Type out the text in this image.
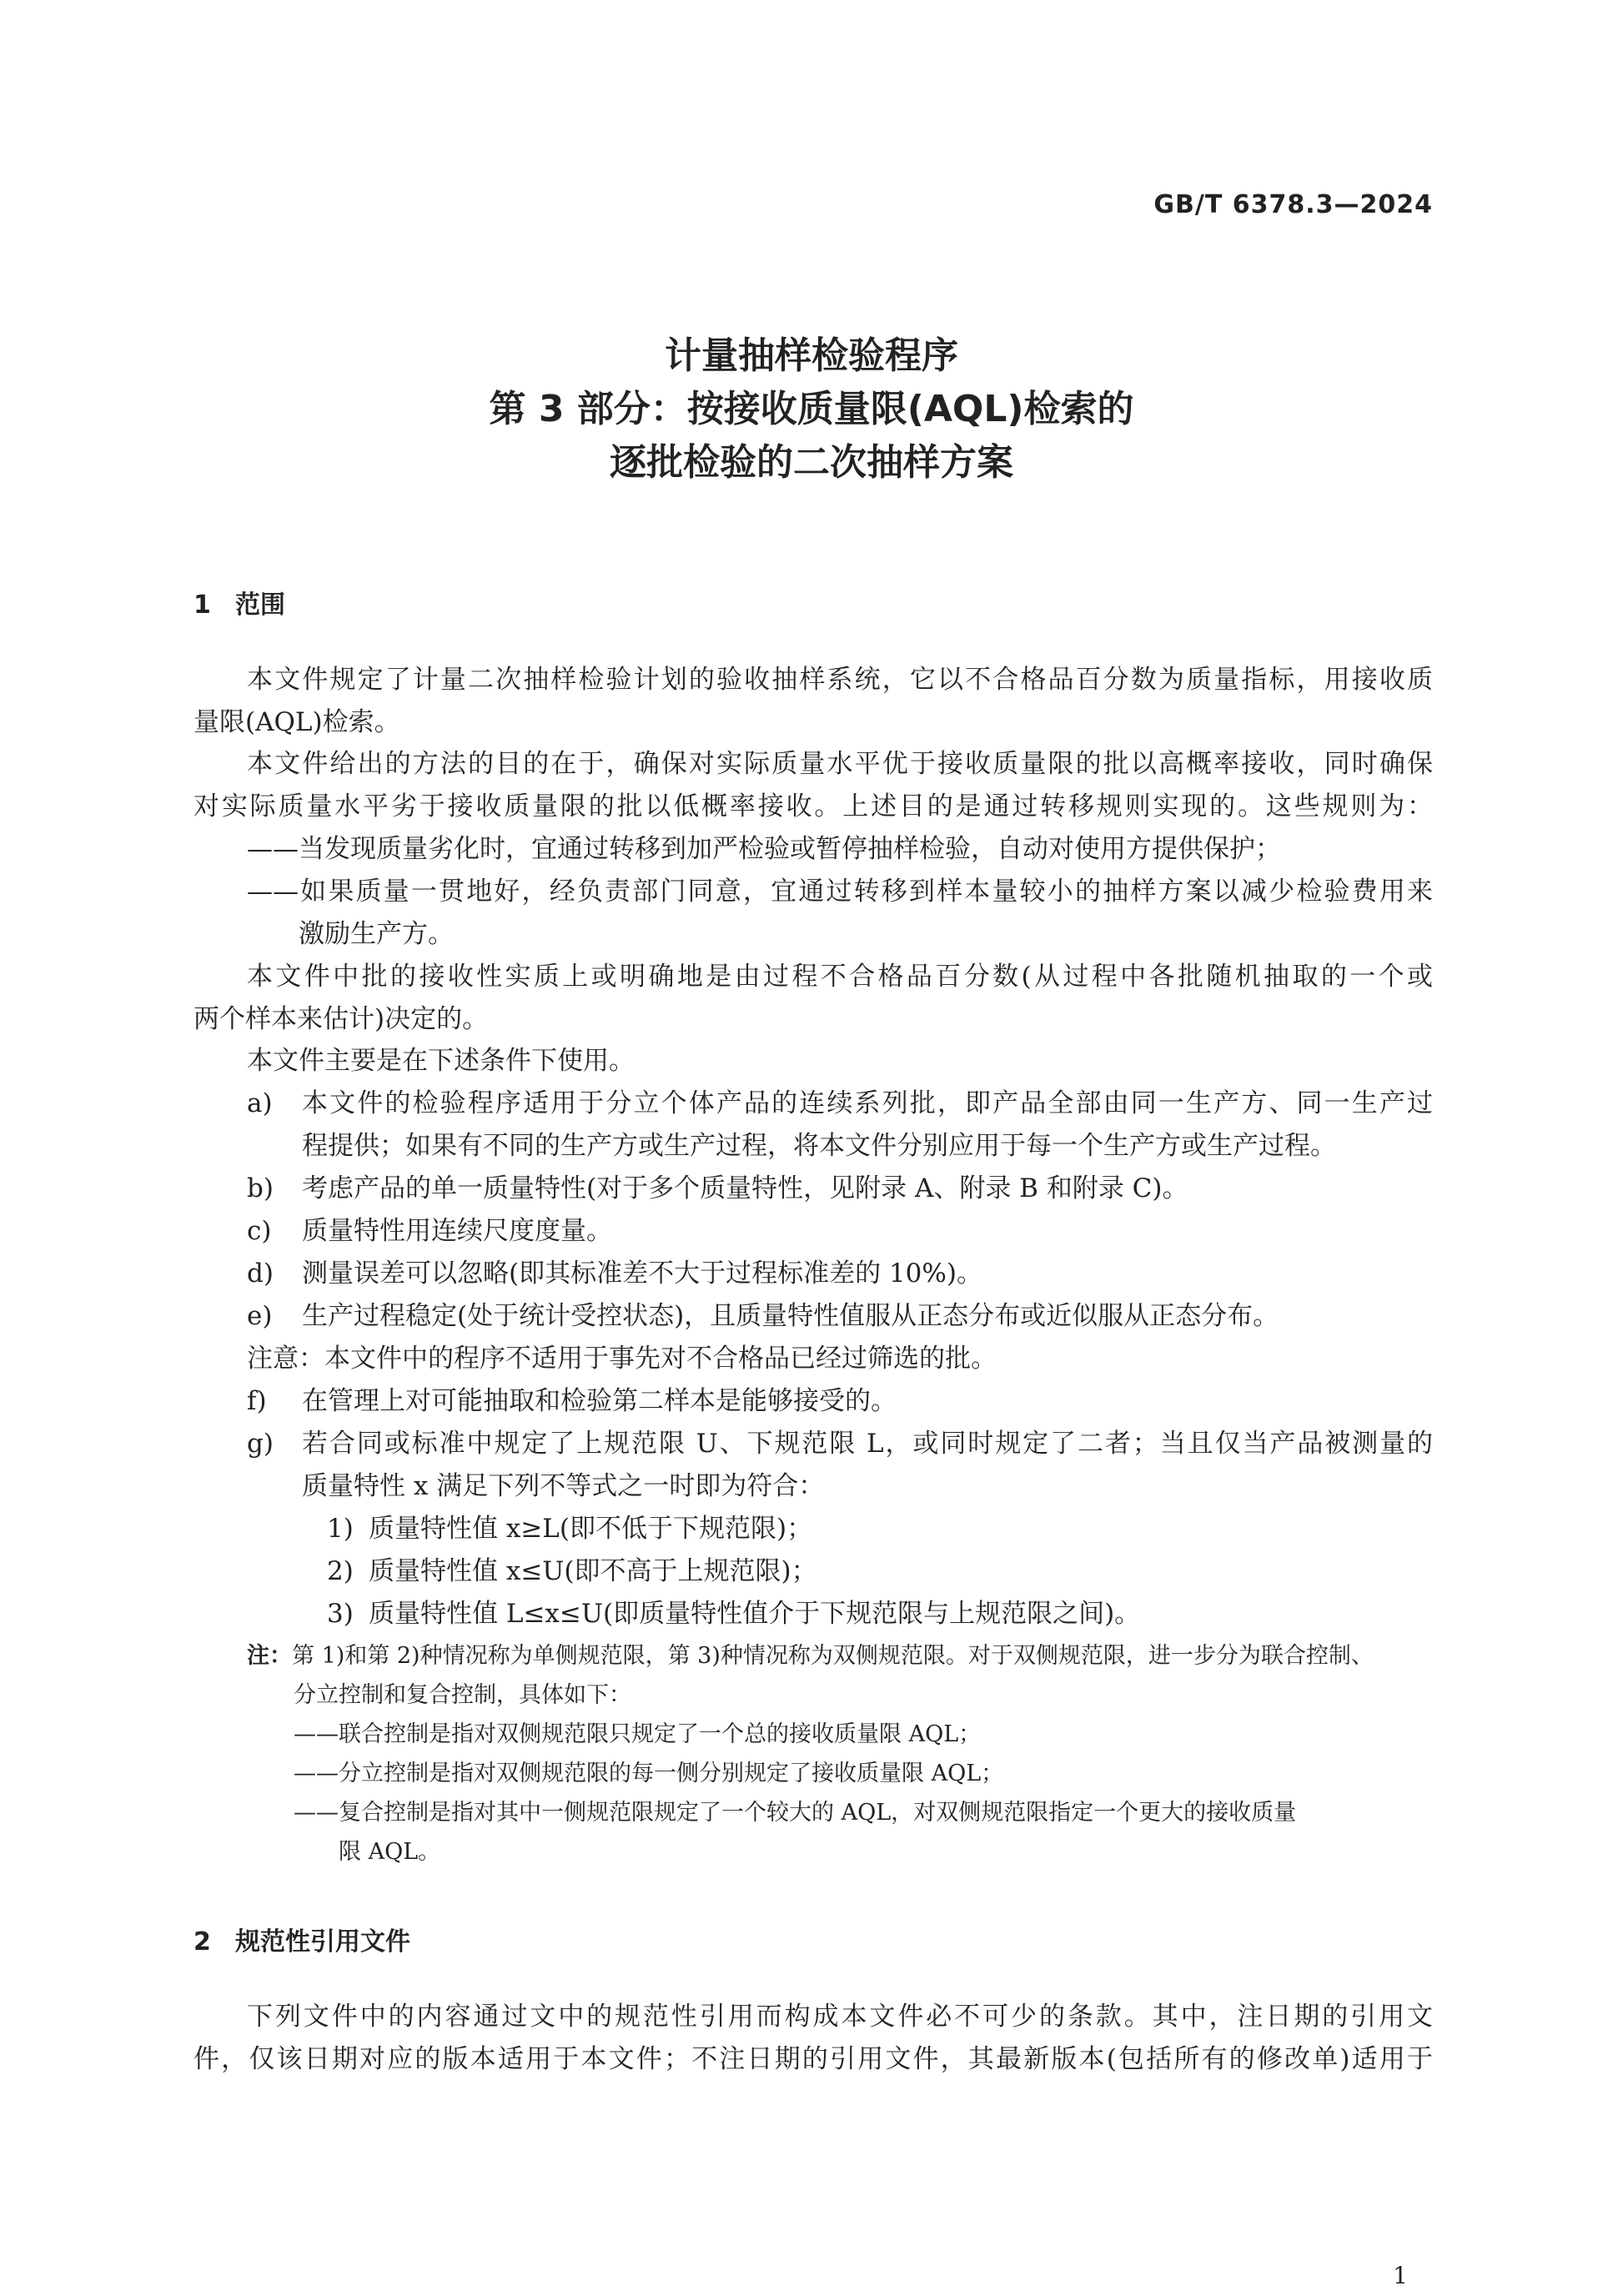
GB/T 6378.3—2024
计量抽样检验程序
第 3 部分：按接收质量限(AQL)检索的
逐批检验的二次抽样方案
1 范围
本文件规定了计量二次抽样检验计划的验收抽样系统，它以不合格品百分数为质量指标，用接收质
量限(AQL)检索。
本文件给出的方法的目的在于，确保对实际质量水平优于接收质量限的批以高概率接收，同时确保
对实际质量水平劣于接收质量限的批以低概率接收。上述目的是通过转移规则实现的。这些规则为：
——当发现质量劣化时，宜通过转移到加严检验或暂停抽样检验，自动对使用方提供保护；
——如果质量一贯地好，经负责部门同意，宜通过转移到样本量较小的抽样方案以减少检验费用来
激励生产方。
本文件中批的接收性实质上或明确地是由过程不合格品百分数(从过程中各批随机抽取的一个或
两个样本来估计)决定的。
本文件主要是在下述条件下使用。
a) 本文件的检验程序适用于分立个体产品的连续系列批，即产品全部由同一生产方、同一生产过
程提供；如果有不同的生产方或生产过程，将本文件分别应用于每一个生产方或生产过程。
b) 考虑产品的单一质量特性(对于多个质量特性，见附录 A、附录 B 和附录 C)。
c) 质量特性用连续尺度度量。
d) 测量误差可以忽略(即其标准差不大于过程标准差的 10%)。
e) 生产过程稳定(处于统计受控状态)，且质量特性值服从正态分布或近似服从正态分布。
注意：本文件中的程序不适用于事先对不合格品已经过筛选的批。
f) 在管理上对可能抽取和检验第二样本是能够接受的。
g) 若合同或标准中规定了上规范限 U、下规范限 L，或同时规定了二者；当且仅当产品被测量的
质量特性 x 满足下列不等式之一时即为符合：
1) 质量特性值 x≥L(即不低于下规范限)；
2) 质量特性值 x≤U(即不高于上规范限)；
3) 质量特性值 L≤x≤U(即质量特性值介于下规范限与上规范限之间)。
注：第 1)和第 2)种情况称为单侧规范限，第 3)种情况称为双侧规范限。对于双侧规范限，进一步分为联合控制、
分立控制和复合控制，具体如下：
——联合控制是指对双侧规范限只规定了一个总的接收质量限 AQL；
——分立控制是指对双侧规范限的每一侧分别规定了接收质量限 AQL；
——复合控制是指对其中一侧规范限规定了一个较大的 AQL，对双侧规范限指定一个更大的接收质量
限 AQL。
2 规范性引用文件
下列文件中的内容通过文中的规范性引用而构成本文件必不可少的条款。其中，注日期的引用文
件，仅该日期对应的版本适用于本文件；不注日期的引用文件，其最新版本(包括所有的修改单)适用于
1
